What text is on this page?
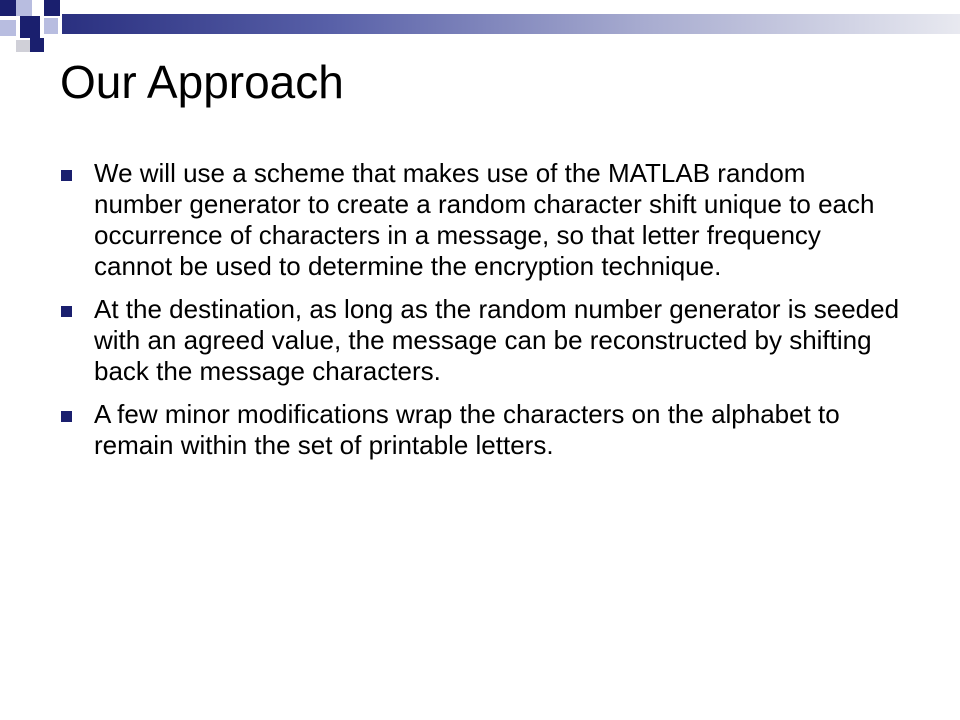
Our Approach
We will use a scheme that makes use of the MATLAB random number generator to create a random character shift unique to each occurrence of characters in a message, so that letter frequency cannot be used to determine the encryption technique.
At the destination, as long as the random number generator is seeded with an agreed value, the message can be reconstructed by shifting back the message characters.
A few minor modifications wrap the characters on the alphabet to remain within the set of printable letters.
